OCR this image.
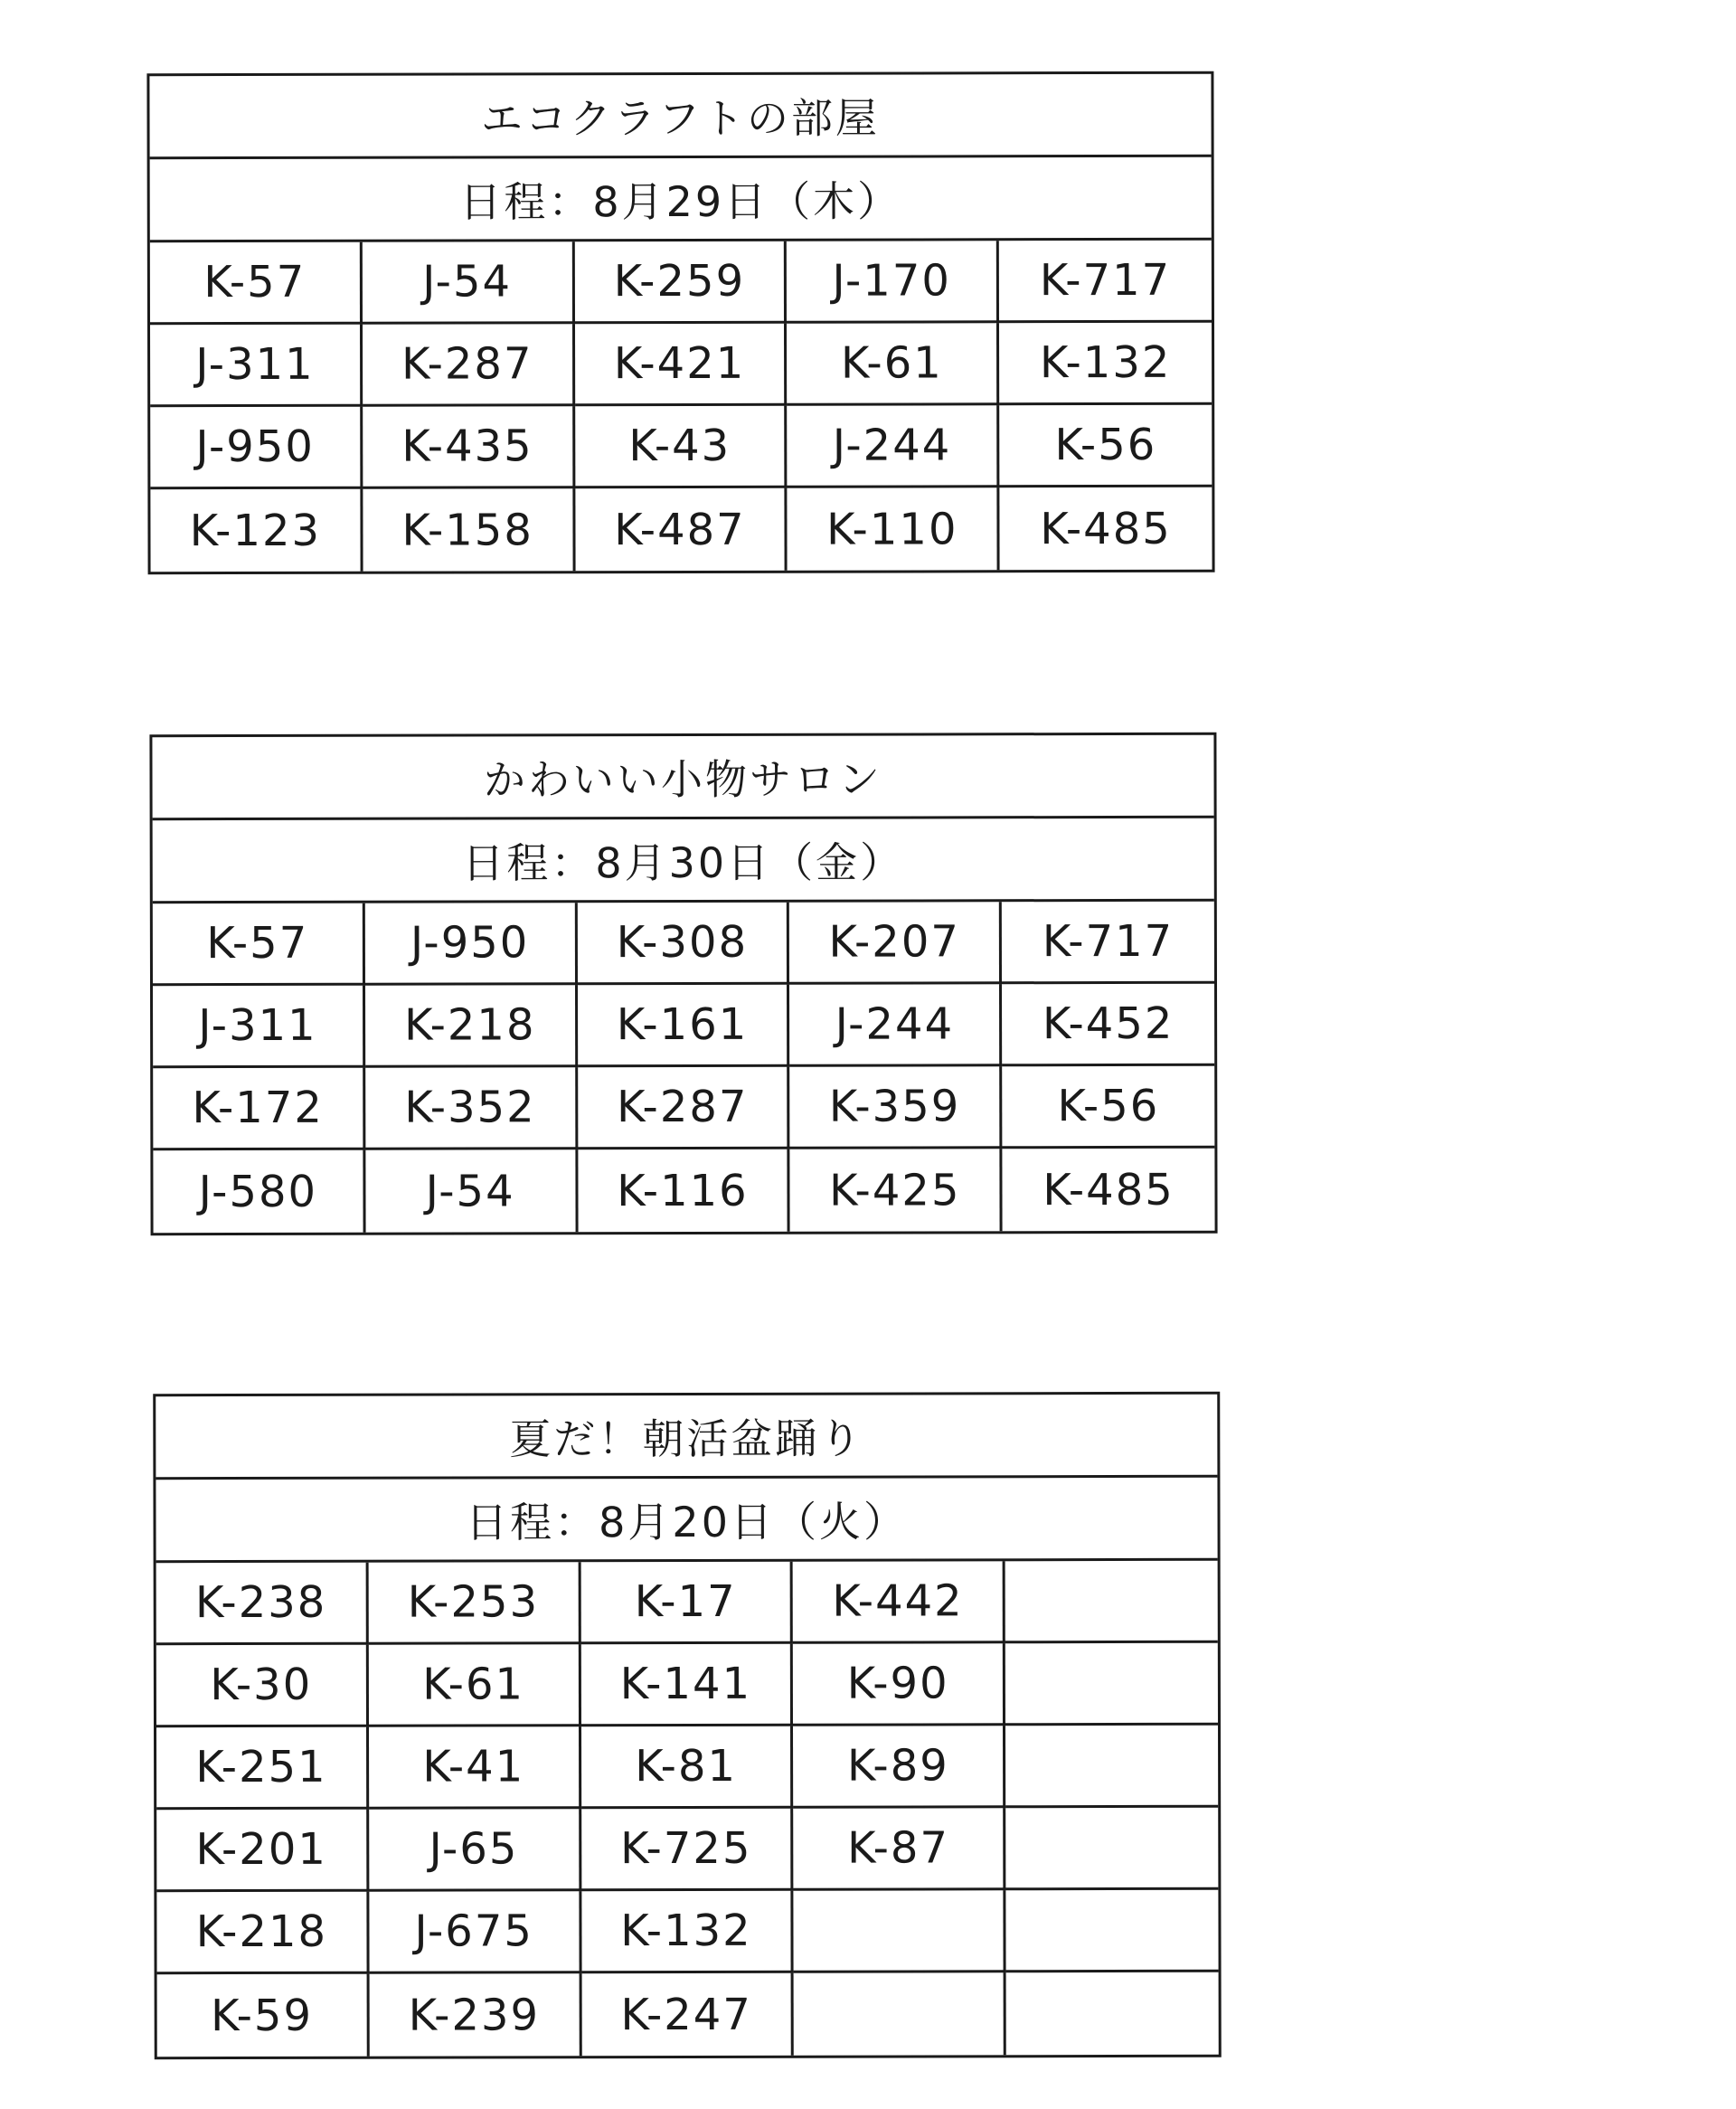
エコクラフトの部屋
日程：8月29日（木）
K-57	J-54	K-259	J-170	K-717
J-311	K-287	K-421	K-61	K-132
J-950	K-435	K-43	J-244	K-56
K-123	K-158	K-487	K-110	K-485
かわいい小物サロン
日程：8月30日（金）
K-57	J-950	K-308	K-207	K-717
J-311	K-218	K-161	J-244	K-452
K-172	K-352	K-287	K-359	K-56
J-580	J-54	K-116	K-425	K-485
夏だ！朝活盆踊り
日程：8月20日（火）
K-238	K-253	K-17	K-442
K-30	K-61	K-141	K-90
K-251	K-41	K-81	K-89
K-201	J-65	K-725	K-87
K-218	J-675	K-132
K-59	K-239	K-247
